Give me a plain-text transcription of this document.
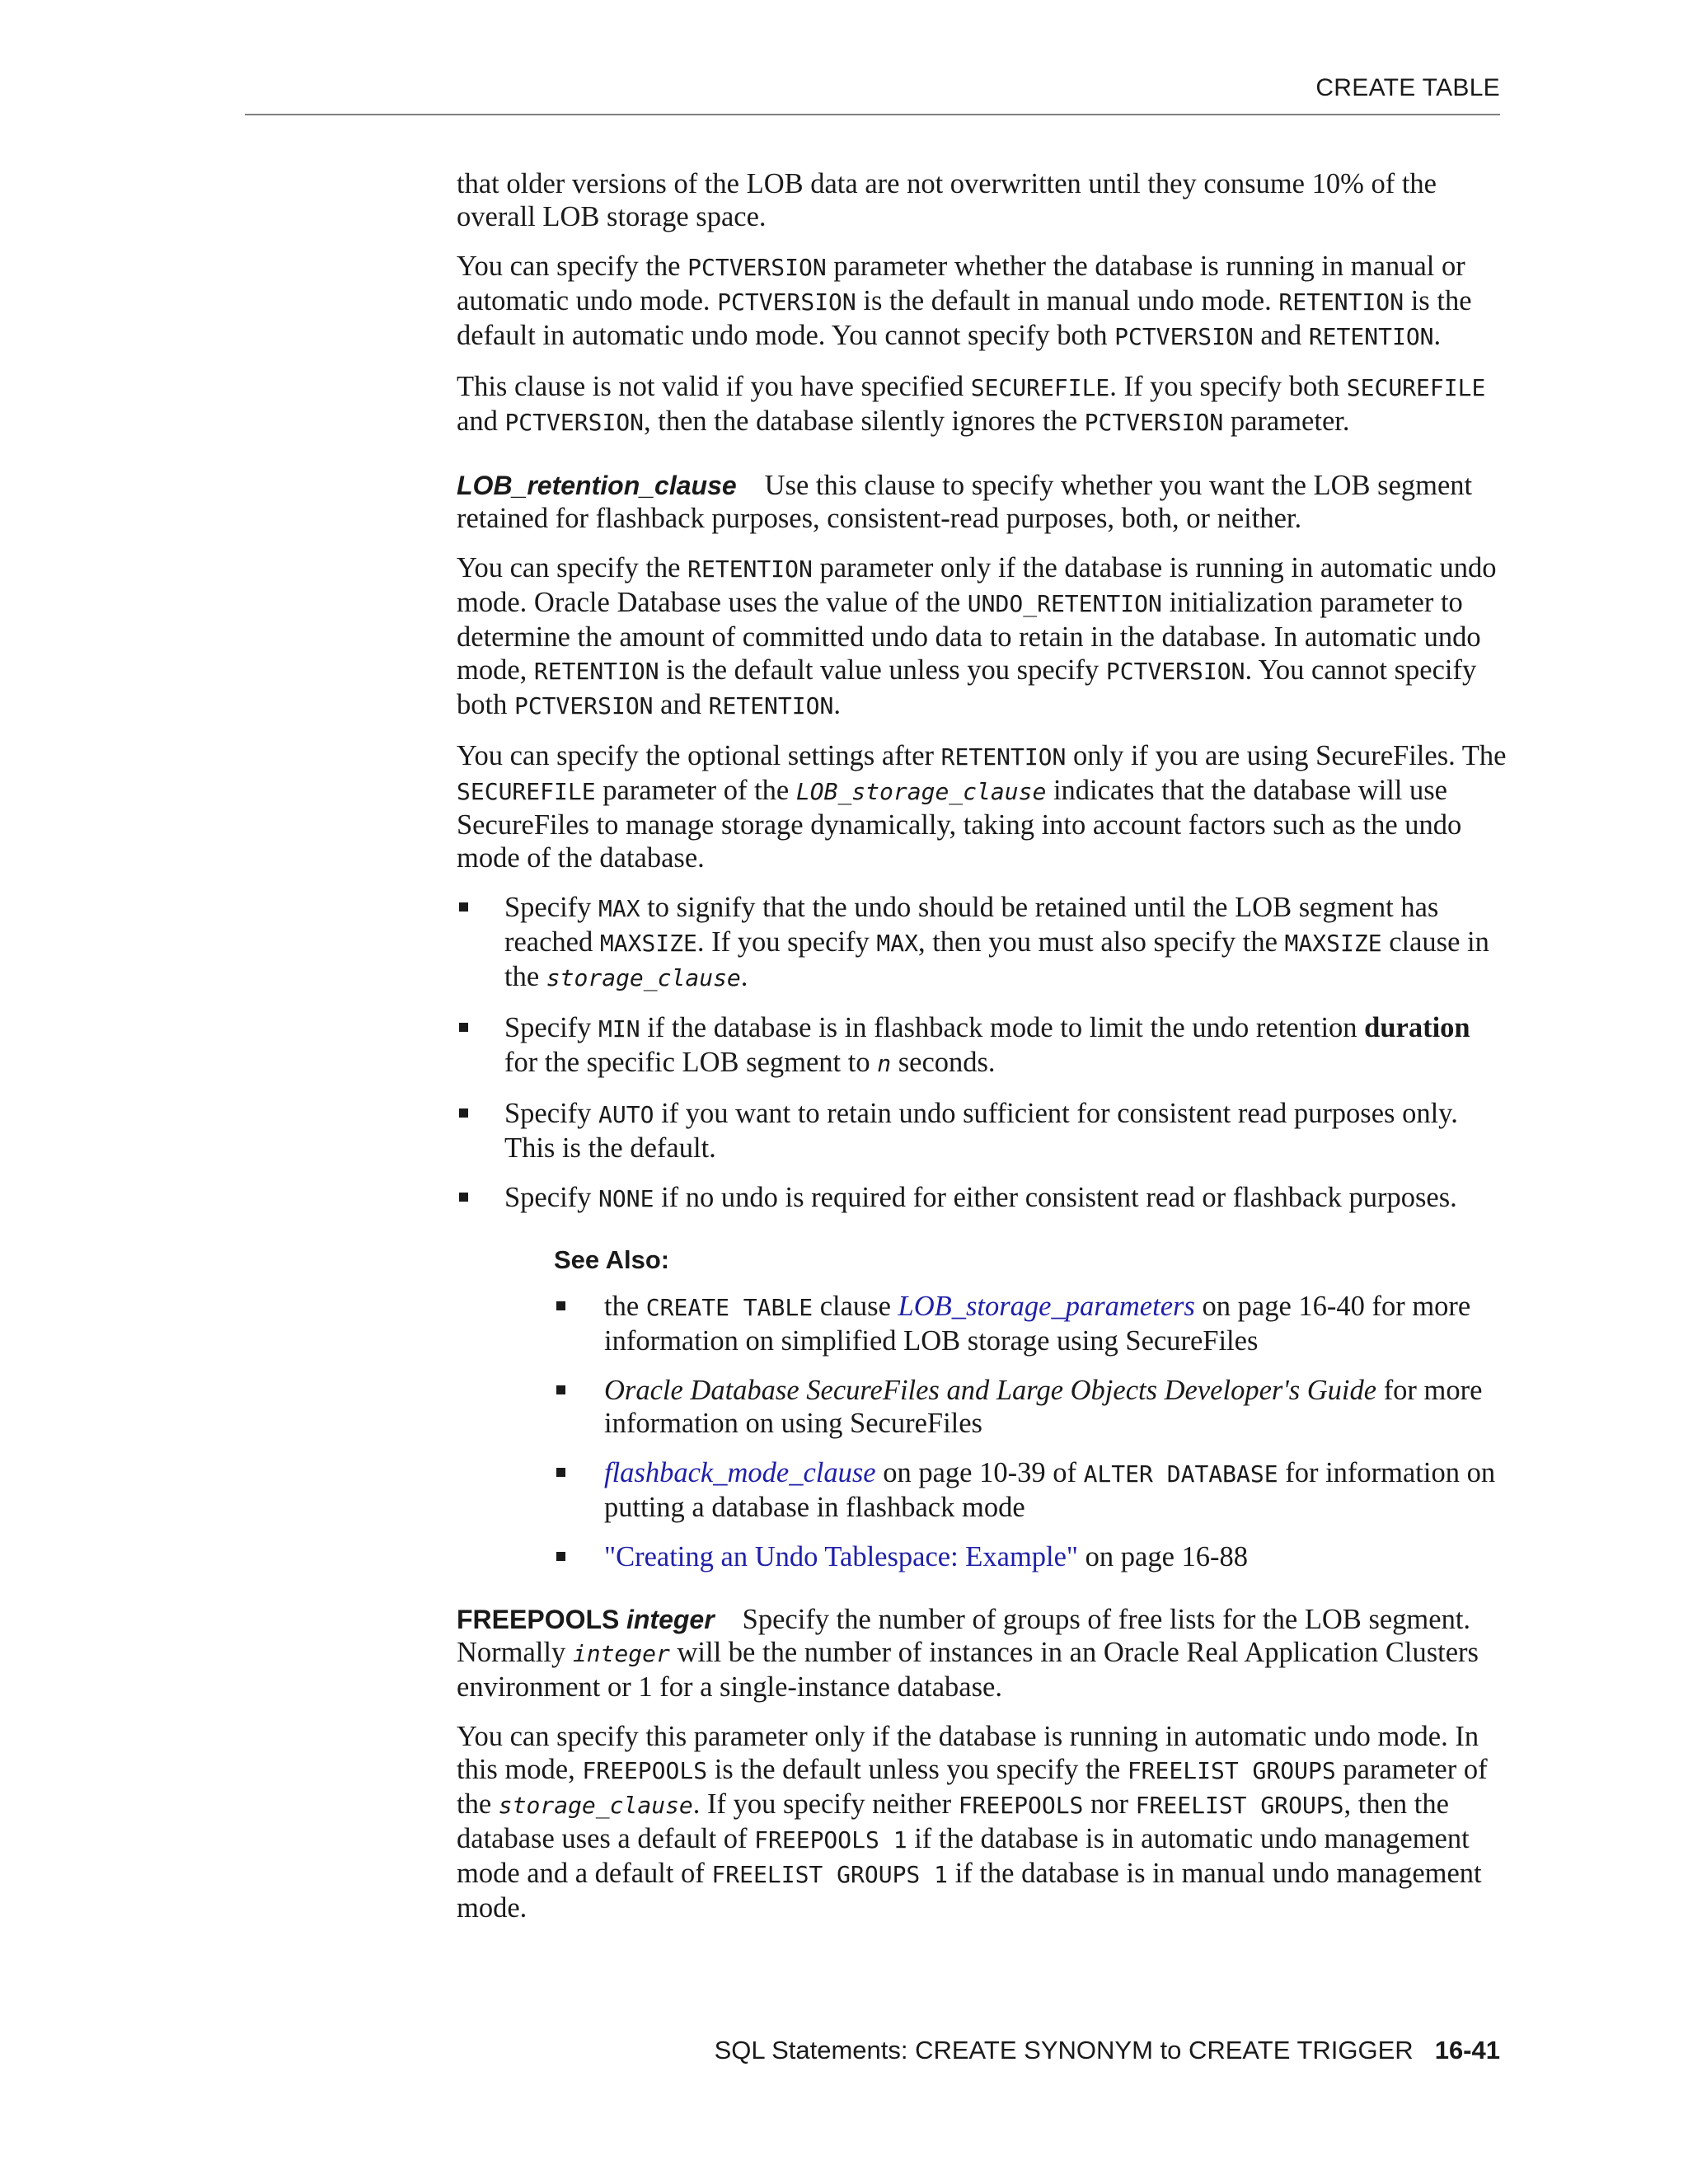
CREATE TABLE

that older versions of the LOB data are not overwritten until they consume 10% of the overall LOB storage space.

You can specify the PCTVERSION parameter whether the database is running in manual or automatic undo mode. PCTVERSION is the default in manual undo mode. RETENTION is the default in automatic undo mode. You cannot specify both PCTVERSION and RETENTION.

This clause is not valid if you have specified SECUREFILE. If you specify both SECUREFILE and PCTVERSION, then the database silently ignores the PCTVERSION parameter.

LOB_retention_clause Use this clause to specify whether you want the LOB segment retained for flashback purposes, consistent-read purposes, both, or neither.

You can specify the RETENTION parameter only if the database is running in automatic undo mode. Oracle Database uses the value of the UNDO_RETENTION initialization parameter to determine the amount of committed undo data to retain in the database. In automatic undo mode, RETENTION is the default value unless you specify PCTVERSION. You cannot specify both PCTVERSION and RETENTION.

You can specify the optional settings after RETENTION only if you are using SecureFiles. The SECUREFILE parameter of the LOB_storage_clause indicates that the database will use SecureFiles to manage storage dynamically, taking into account factors such as the undo mode of the database.

Specify MAX to signify that the undo should be retained until the LOB segment has reached MAXSIZE. If you specify MAX, then you must also specify the MAXSIZE clause in the storage_clause.
Specify MIN if the database is in flashback mode to limit the undo retention duration for the specific LOB segment to n seconds.
Specify AUTO if you want to retain undo sufficient for consistent read purposes only. This is the default.
Specify NONE if no undo is required for either consistent read or flashback purposes.
See Also:
the CREATE TABLE clause LOB_storage_parameters on page 16-40 for more information on simplified LOB storage using SecureFiles
Oracle Database SecureFiles and Large Objects Developer's Guide for more information on using SecureFiles
flashback_mode_clause on page 10-39 of ALTER DATABASE for information on putting a database in flashback mode
"Creating an Undo Tablespace: Example" on page 16-88

FREEPOOLS integer Specify the number of groups of free lists for the LOB segment. Normally integer will be the number of instances in an Oracle Real Application Clusters environment or 1 for a single-instance database.

You can specify this parameter only if the database is running in automatic undo mode. In this mode, FREEPOOLS is the default unless you specify the FREELIST GROUPS parameter of the storage_clause. If you specify neither FREEPOOLS nor FREELIST GROUPS, then the database uses a default of FREEPOOLS 1 if the database is in automatic undo management mode and a default of FREELIST GROUPS 1 if the database is in manual undo management mode.

SQL Statements: CREATE SYNONYM to CREATE TRIGGER 16-41
